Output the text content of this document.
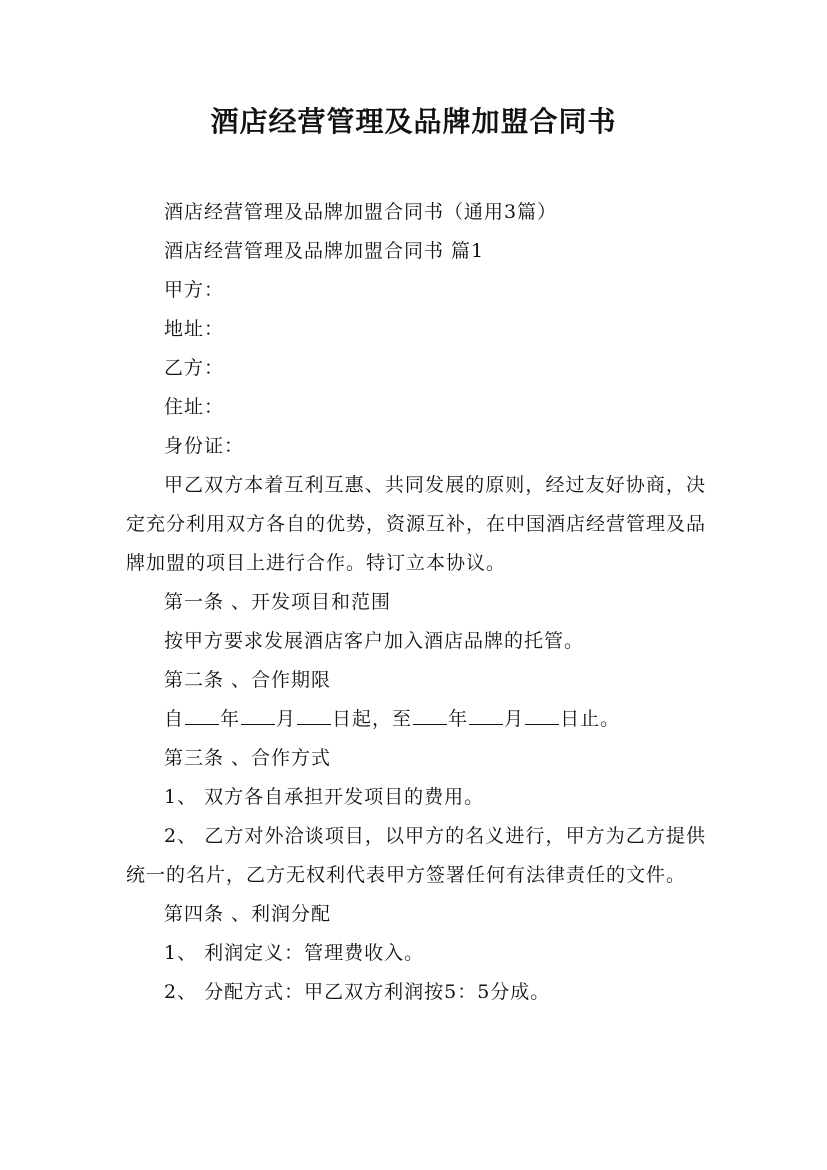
酒店经营管理及品牌加盟合同书

酒店经营管理及品牌加盟合同书（通用3篇）

酒店经营管理及品牌加盟合同书 篇1

甲方：

地址：

乙方：

住址：

身份证：

甲乙双方本着互利互惠、共同发展的原则，经过友好协商，决定充分利用双方各自的优势，资源互补，在中国酒店经营管理及品牌加盟的项目上进行合作。特订立本协议。

第一条 、开发项目和范围

按甲方要求发展酒店客户加入酒店品牌的托管。

第二条 、合作期限

自 年 月 日起，至 年 月 日止。

第三条 、合作方式

1、 双方各自承担开发项目的费用。

2、 乙方对外洽谈项目，以甲方的名义进行，甲方为乙方提供统一的名片，乙方无权利代表甲方签署任何有法律责任的文件。

第四条 、利润分配

1、 利润定义：管理费收入。

2、 分配方式：甲乙双方利润按5：5分成。
